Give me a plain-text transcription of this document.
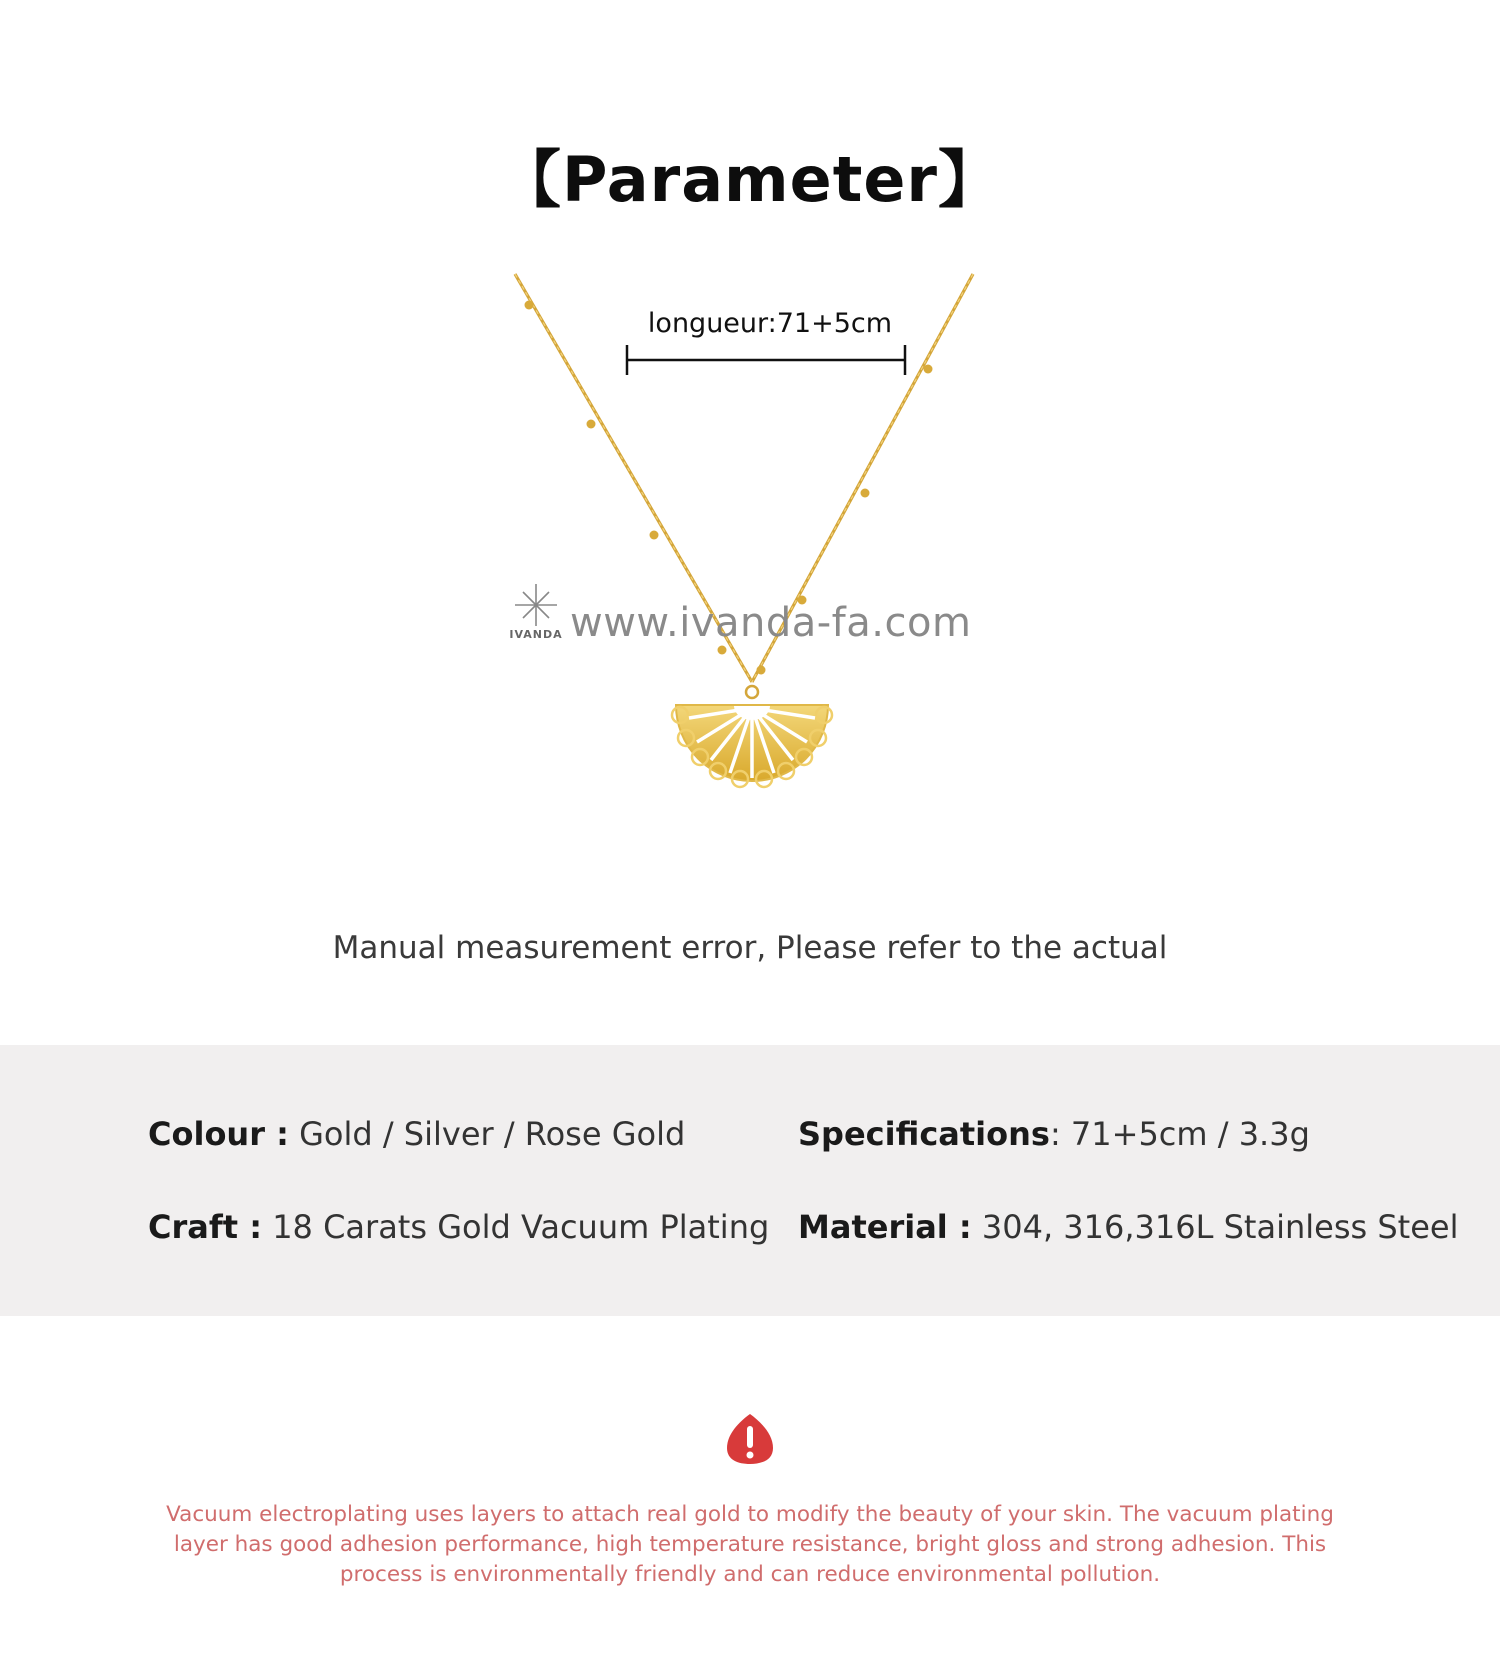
【Parameter】
longueur:71+5cm
www.ivanda-fa.com
IVANDA
Manual measurement error, Please refer to the actual
Colour : Gold / Silver / Rose Gold	Specifications: 71+5cm / 3.3g
Craft : 18 Carats Gold Vacuum Plating Material : 304, 316,316L Stainless Steel
Vacuum electroplating uses layers to attach real gold to modify the beauty of your skin. The vacuum plating layer has good adhesion performance, high temperature resistance, bright gloss and strong adhesion. This process is environmentally friendly and can reduce environmental pollution.
